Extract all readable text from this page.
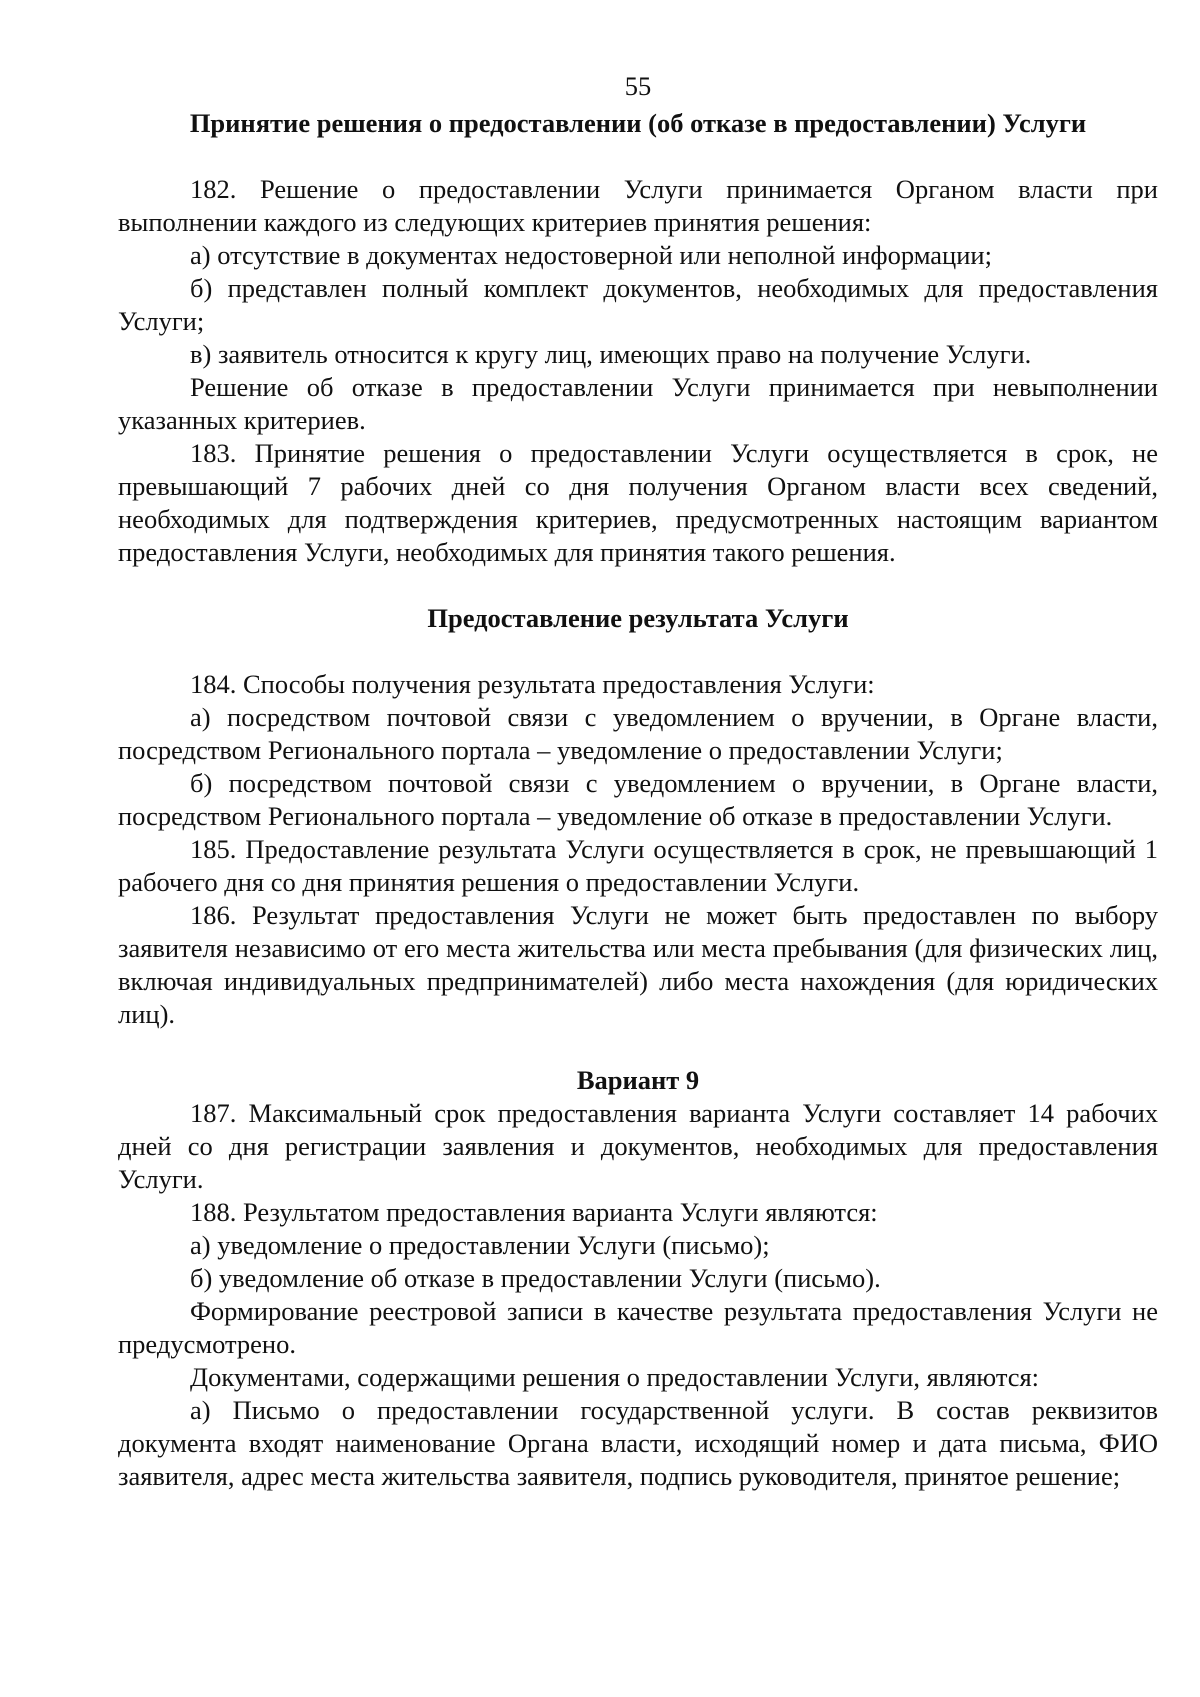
55
Принятие решения о предоставлении (об отказе в предоставлении) Услуги

182. Решение о предоставлении Услуги принимается Органом власти при выполнении каждого из следующих критериев принятия решения:

а) отсутствие в документах недостоверной или неполной информации;

б) представлен полный комплект документов, необходимых для предоставления Услуги;

в) заявитель относится к кругу лиц, имеющих право на получение Услуги.

Решение об отказе в предоставлении Услуги принимается при невыполнении указанных критериев.

183. Принятие решения о предоставлении Услуги осуществляется в срок, не превышающий 7 рабочих дней со дня получения Органом власти всех сведений, необходимых для подтверждения критериев, предусмотренных настоящим вариантом предоставления Услуги, необходимых для принятия такого решения.

Предоставление результата Услуги

184. Способы получения результата предоставления Услуги:

а) посредством почтовой связи с уведомлением о вручении, в Органе власти, посредством Регионального портала – уведомление о предоставлении Услуги;

б) посредством почтовой связи с уведомлением о вручении, в Органе власти, посредством Регионального портала – уведомление об отказе в предоставлении Услуги.

185. Предоставление результата Услуги осуществляется в срок, не превышающий 1 рабочего дня со дня принятия решения о предоставлении Услуги.

186. Результат предоставления Услуги не может быть предоставлен по выбору заявителя независимо от его места жительства или места пребывания (для физических лиц, включая индивидуальных предпринимателей) либо места нахождения (для юридических лиц).

Вариант 9

187. Максимальный срок предоставления варианта Услуги составляет 14 рабочих дней со дня регистрации заявления и документов, необходимых для предоставления Услуги.

188. Результатом предоставления варианта Услуги являются:

а) уведомление о предоставлении Услуги (письмо);

б) уведомление об отказе в предоставлении Услуги (письмо).

Формирование реестровой записи в качестве результата предоставления Услуги не предусмотрено.

Документами, содержащими решения о предоставлении Услуги, являются:

а) Письмо о предоставлении государственной услуги. В состав реквизитов документа входят наименование Органа власти, исходящий номер и дата письма, ФИО заявителя, адрес места жительства заявителя, подпись руководителя, принятое решение;
